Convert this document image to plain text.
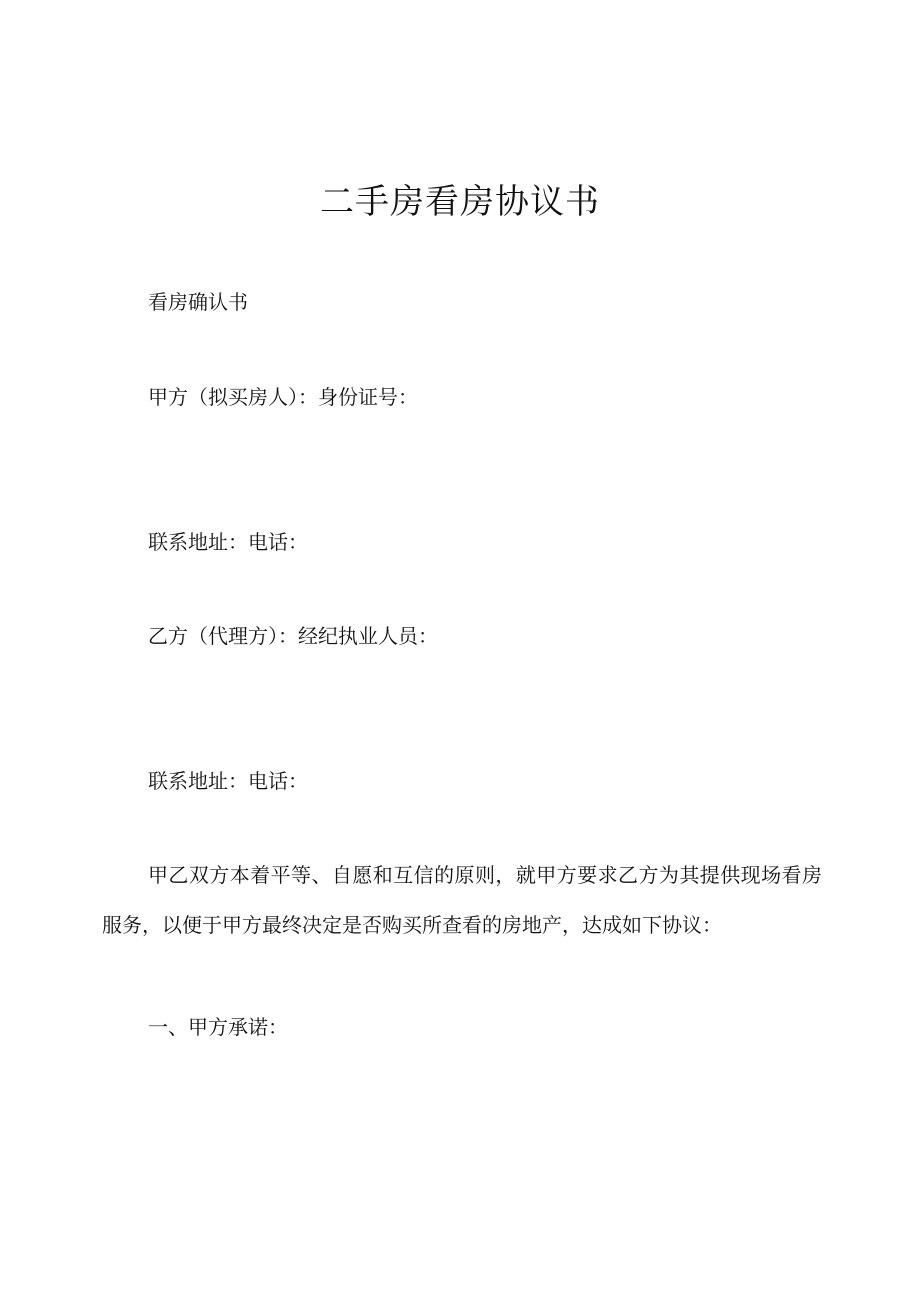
二手房看房协议书
看房确认书
甲方（拟买房人）：身份证号：
联系地址：电话：
乙方（代理方）：经纪执业人员：
联系地址：电话：
甲乙双方本着平等、自愿和互信的原则，就甲方要求乙方为其提供现场看房服务，以便于甲方最终决定是否购买所查看的房地产，达成如下协议：
一、甲方承诺：
